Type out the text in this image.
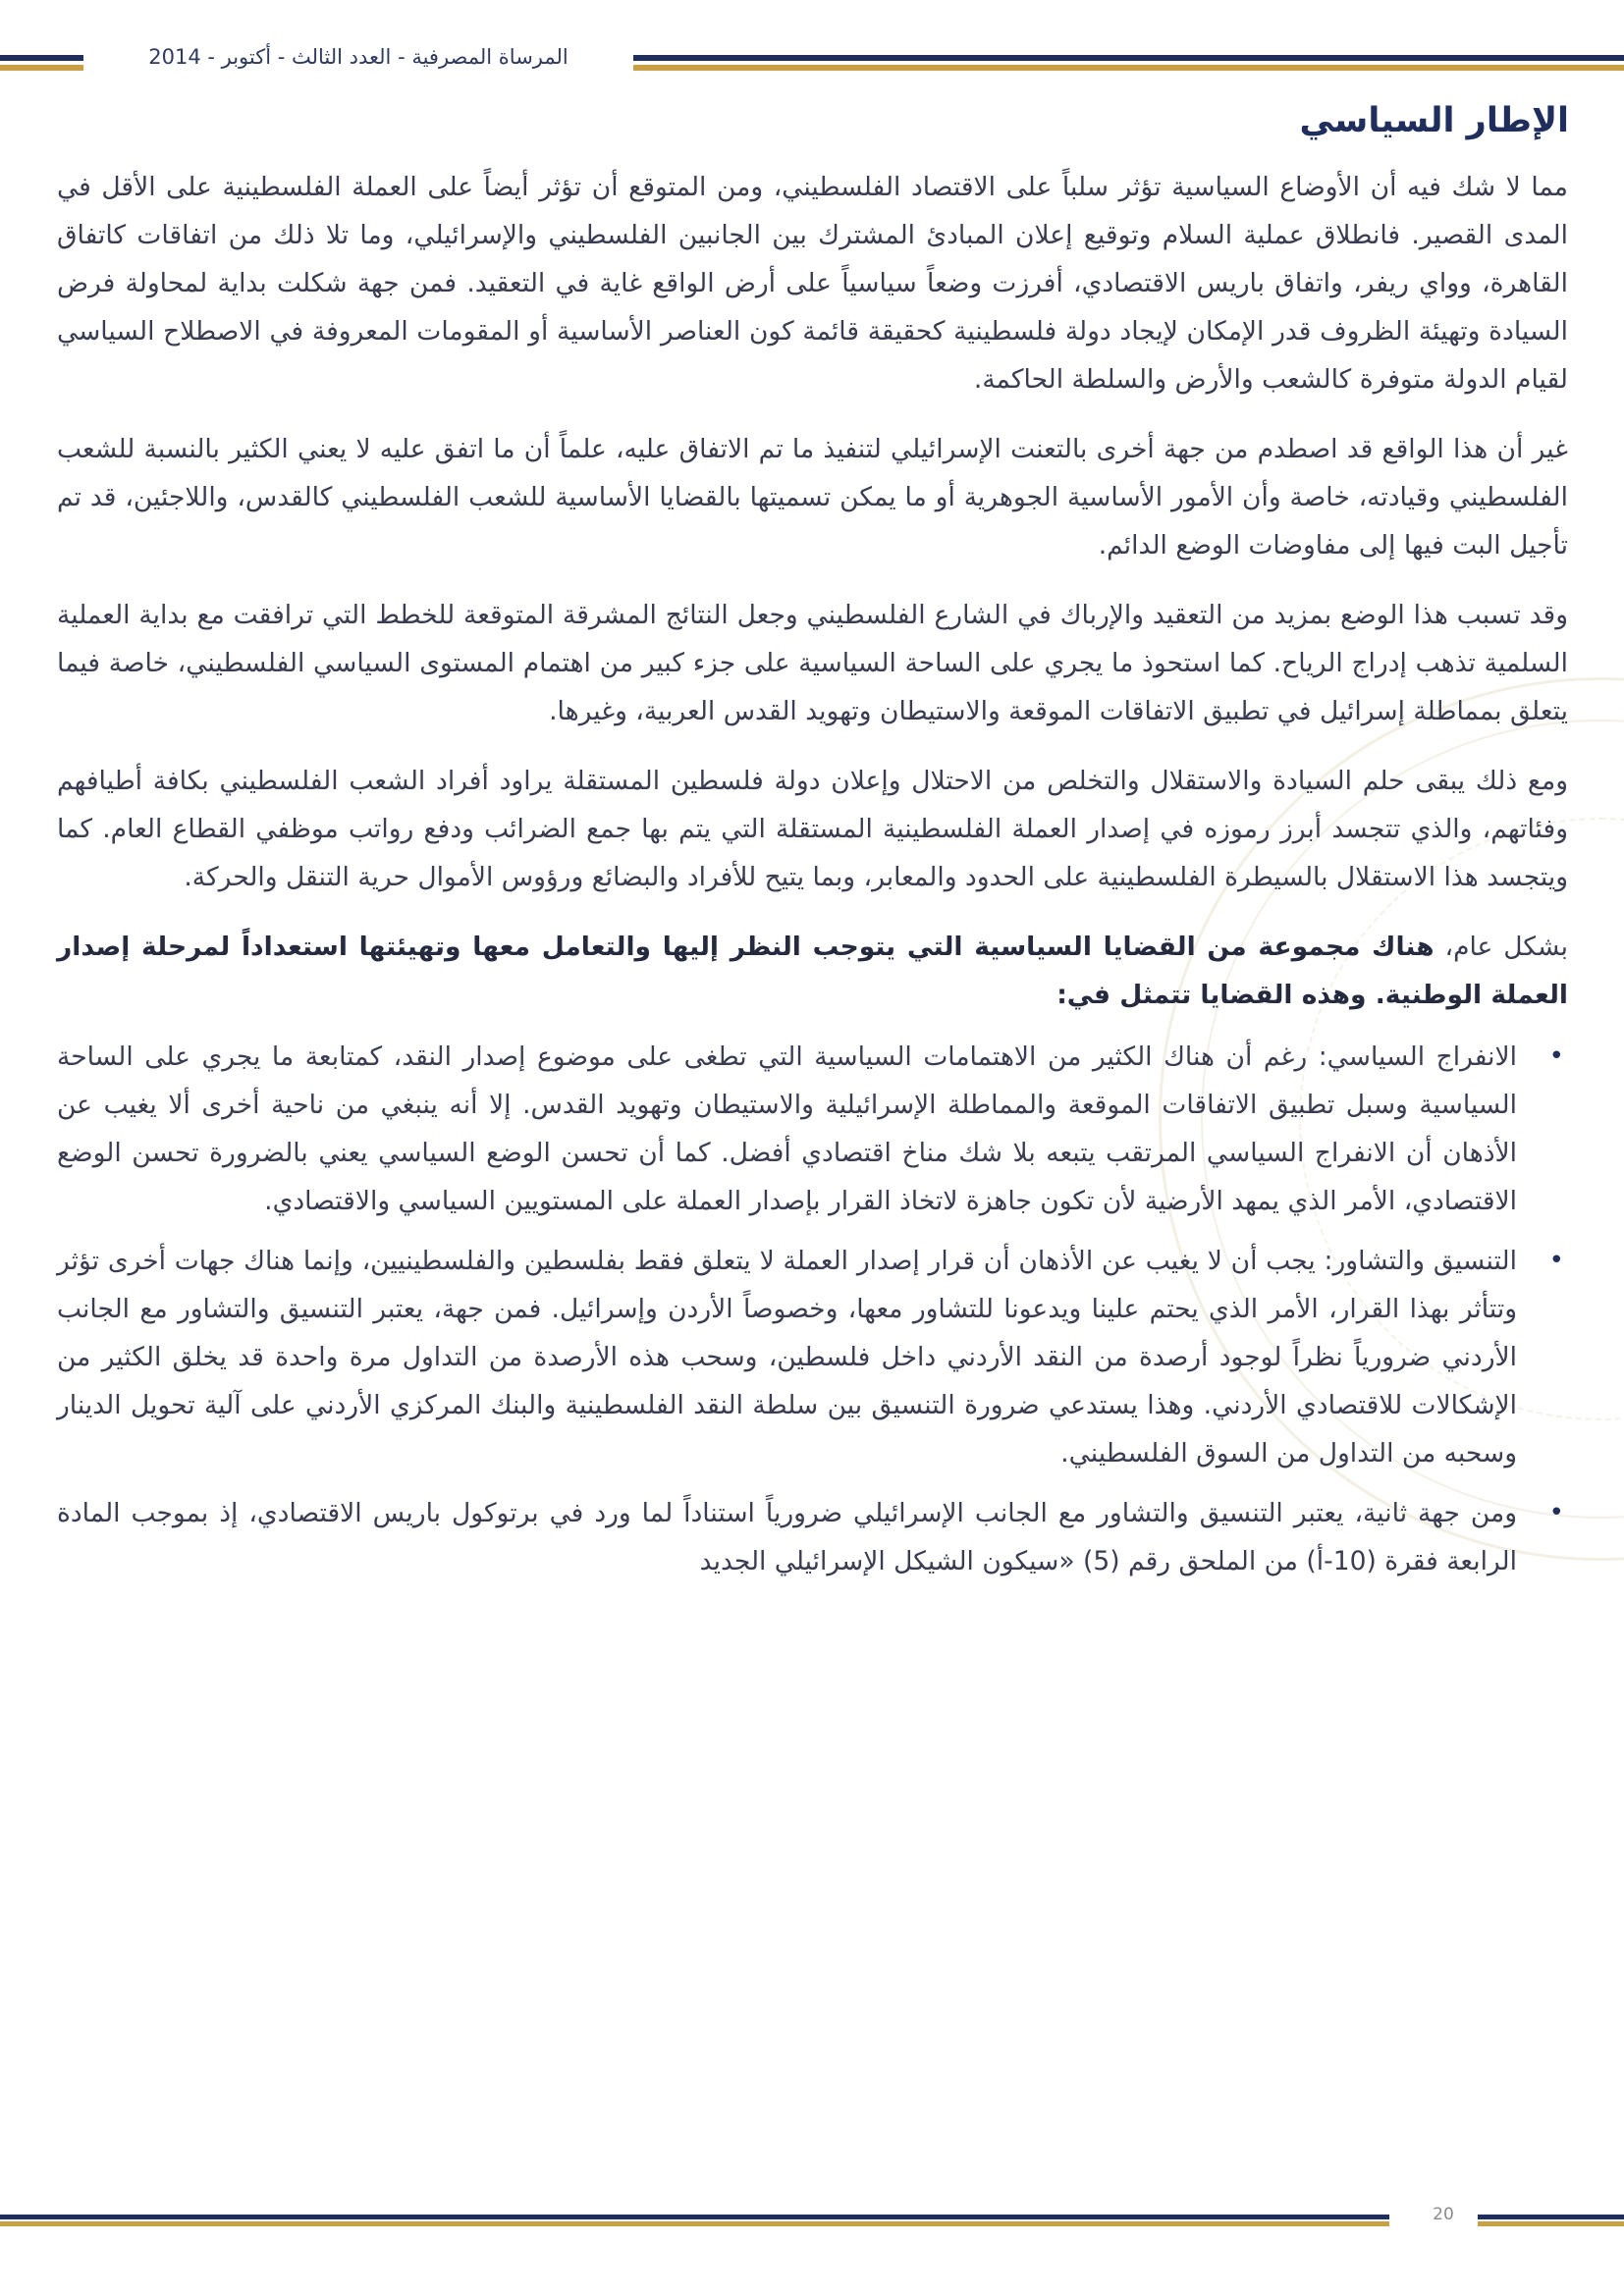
المرساة المصرفية - العدد الثالث - أكتوبر - 2014
الإطار السياسي

مما لا شك فيه أن الأوضاع السياسية تؤثر سلباً على الاقتصاد الفلسطيني، ومن المتوقع أن تؤثر أيضاً على العملة الفلسطينية على الأقل في المدى القصير. فانطلاق عملية السلام وتوقيع إعلان المبادئ المشترك بين الجانبين الفلسطيني والإسرائيلي، وما تلا ذلك من اتفاقات كاتفاق القاهرة، وواي ريفر، واتفاق باريس الاقتصادي، أفرزت وضعاً سياسياً على أرض الواقع غاية في التعقيد. فمن جهة شكلت بداية لمحاولة فرض السيادة وتهيئة الظروف قدر الإمكان لإيجاد دولة فلسطينية كحقيقة قائمة كون العناصر الأساسية أو المقومات المعروفة في الاصطلاح السياسي لقيام الدولة متوفرة كالشعب والأرض والسلطة الحاكمة.

غير أن هذا الواقع قد اصطدم من جهة أخرى بالتعنت الإسرائيلي لتنفيذ ما تم الاتفاق عليه، علماً أن ما اتفق عليه لا يعني الكثير بالنسبة للشعب الفلسطيني وقيادته، خاصة وأن الأمور الأساسية الجوهرية أو ما يمكن تسميتها بالقضايا الأساسية للشعب الفلسطيني كالقدس، واللاجئين، قد تم تأجيل البت فيها إلى مفاوضات الوضع الدائم.

وقد تسبب هذا الوضع بمزيد من التعقيد والإرباك في الشارع الفلسطيني وجعل النتائج المشرقة المتوقعة للخطط التي ترافقت مع بداية العملية السلمية تذهب إدراج الرياح. كما استحوذ ما يجري على الساحة السياسية على جزء كبير من اهتمام المستوى السياسي الفلسطيني، خاصة فيما يتعلق بمماطلة إسرائيل في تطبيق الاتفاقات الموقعة والاستيطان وتهويد القدس العربية، وغيرها.

ومع ذلك يبقى حلم السيادة والاستقلال والتخلص من الاحتلال وإعلان دولة فلسطين المستقلة يراود أفراد الشعب الفلسطيني بكافة أطيافهم وفئاتهم، والذي تتجسد أبرز رموزه في إصدار العملة الفلسطينية المستقلة التي يتم بها جمع الضرائب ودفع رواتب موظفي القطاع العام. كما ويتجسد هذا الاستقلال بالسيطرة الفلسطينية على الحدود والمعابر، وبما يتيح للأفراد والبضائع ورؤوس الأموال حرية التنقل والحركة.

بشكل عام، هناك مجموعة من القضايا السياسية التي يتوجب النظر إليها والتعامل معها وتهيئتها استعداداً لمرحلة إصدار العملة الوطنية. وهذه القضايا تتمثل في:

•
الانفراج السياسي: رغم أن هناك الكثير من الاهتمامات السياسية التي تطغى على موضوع إصدار النقد، كمتابعة ما يجري على الساحة السياسية وسبل تطبيق الاتفاقات الموقعة والمماطلة الإسرائيلية والاستيطان وتهويد القدس. إلا أنه ينبغي من ناحية أخرى ألا يغيب عن الأذهان أن الانفراج السياسي المرتقب يتبعه بلا شك مناخ اقتصادي أفضل. كما أن تحسن الوضع السياسي يعني بالضرورة تحسن الوضع الاقتصادي، الأمر الذي يمهد الأرضية لأن تكون جاهزة لاتخاذ القرار بإصدار العملة على المستويين السياسي والاقتصادي.
•
التنسيق والتشاور: يجب أن لا يغيب عن الأذهان أن قرار إصدار العملة لا يتعلق فقط بفلسطين والفلسطينيين، وإنما هناك جهات أخرى تؤثر وتتأثر بهذا القرار، الأمر الذي يحتم علينا ويدعونا للتشاور معها، وخصوصاً الأردن وإسرائيل. فمن جهة، يعتبر التنسيق والتشاور مع الجانب الأردني ضرورياً نظراً لوجود أرصدة من النقد الأردني داخل فلسطين، وسحب هذه الأرصدة من التداول مرة واحدة قد يخلق الكثير من الإشكالات للاقتصادي الأردني. وهذا يستدعي ضرورة التنسيق بين سلطة النقد الفلسطينية والبنك المركزي الأردني على آلية تحويل الدينار وسحبه من التداول من السوق الفلسطيني.
•
ومن جهة ثانية، يعتبر التنسيق والتشاور مع الجانب الإسرائيلي ضرورياً استناداً لما ورد في برتوكول باريس الاقتصادي، إذ بموجب المادة الرابعة فقرة (10-أ) من الملحق رقم (5) «سيكون الشيكل الإسرائيلي الجديد
20
